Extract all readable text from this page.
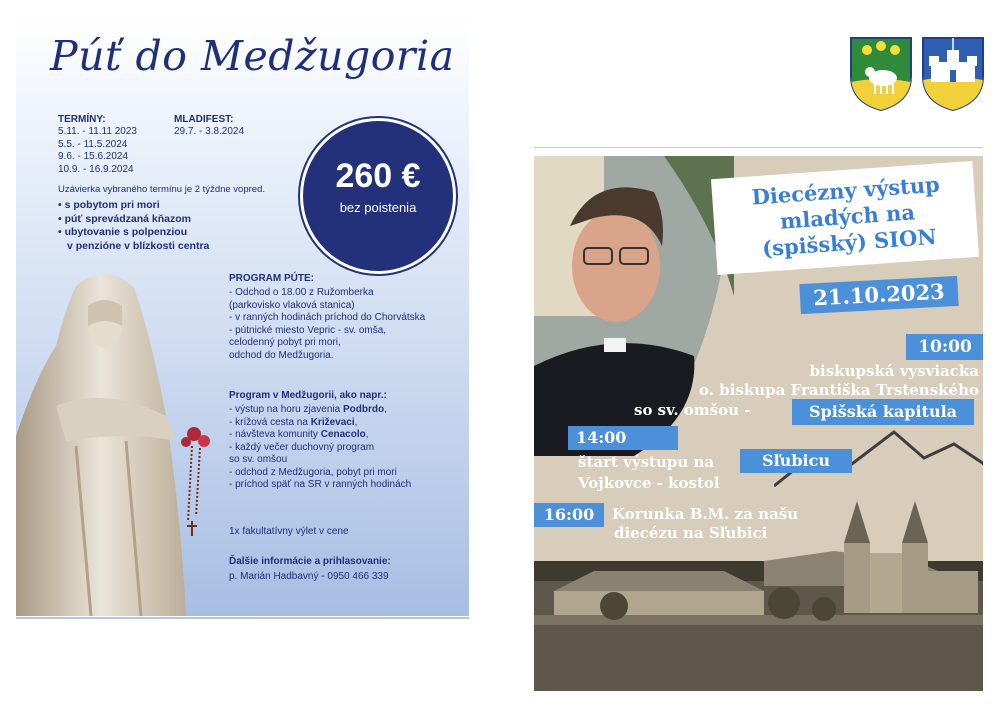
Púť do Medžugoria
TERMÍNY:
5.11. - 11.11 2023
5.5. - 11.5.2024
9.6. - 15.6.2024
10.9. - 16.9.2024
MLADIFEST:
29.7. - 3.8.2024
Uzávierka vybraného termínu je 2 týždne vopred.
• s pobytom pri mori
• púť sprevádzaná kňazom
• ubytovanie s polpenziou
v penzióne v blízkosti centra
260 €
bez poistenia
PROGRAM PÚTE:
- Odchod o 18.00 z Ružomberka
(parkovisko vlaková stanica)
- v ranných hodinách príchod do Chorvátska
- pútnické miesto Vepric - sv. omša,
celodenný pobyt pri mori,
odchod do Medžugoria.
Program v Medžugorii, ako napr.:
- výstup na horu zjavenia Podbrdo,
- krížová cesta na Križevaci,
- návšteva komunity Cenacolo,
- každý večer duchovný program
so sv. omšou
- odchod z Medžugoria, pobyt pri mori
- príchod späť na SR v ranných hodinách
1x fakultatívny výlet v cene
Ďalšie informácie a prihlasovanie:
p. Marián Hadbavný - 0950 466 339
Diecézny výstup
mladých na
(spišský) SION
21.10.2023
10:00
biskupská vysviacka
o. biskupa Františka Trstenského
so sv. omšou -	Spišská kapitula
14:00
štart výstupu na	Sľubicu
Vojkovce - kostol
16:00	Korunka B.M. za našu
diecézu na Sľubici
